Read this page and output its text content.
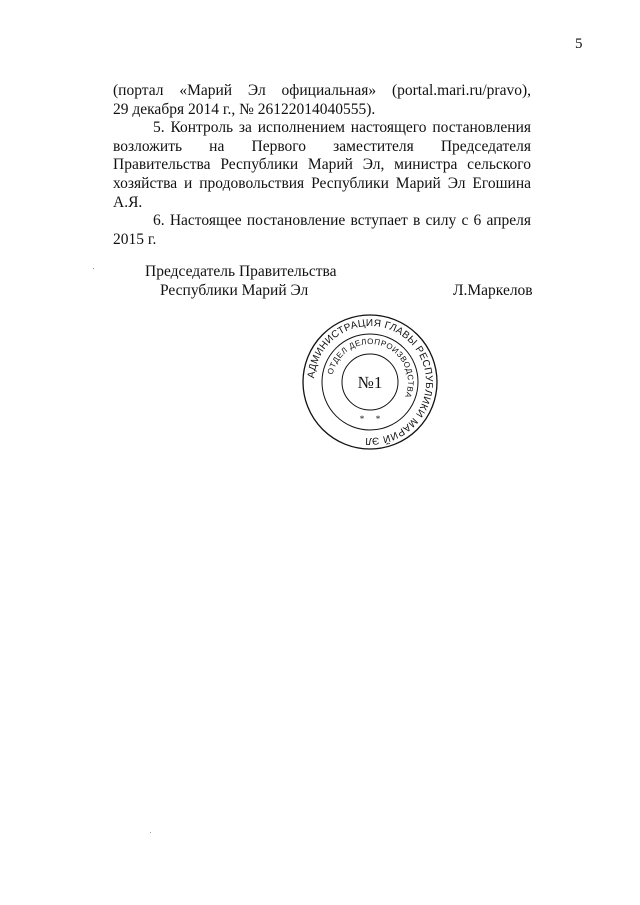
5

(портал «Марий Эл официальная» (portal.mari.ru/pravo),

29 декабря 2014 г., № 26122014040555).

5. Контроль за исполнением настоящего постановления возложить на Первого заместителя Председателя Правительства Республики Марий Эл, министра сельского хозяйства и продовольствия Республики Марий Эл Егошина А.Я.

6. Настоящее постановление вступает в силу с 6 апреля 2015 г.

Председатель Правительства
Республики Марий Эл	Л.Маркелов
АДМИНИСТРАЦИЯ ГЛАВЫ РЕСПУБЛИКИ МАРИЙ ЭЛ
ОТДЕЛ ДЕЛОПРОИЗВОДСТВА
№1
* *
